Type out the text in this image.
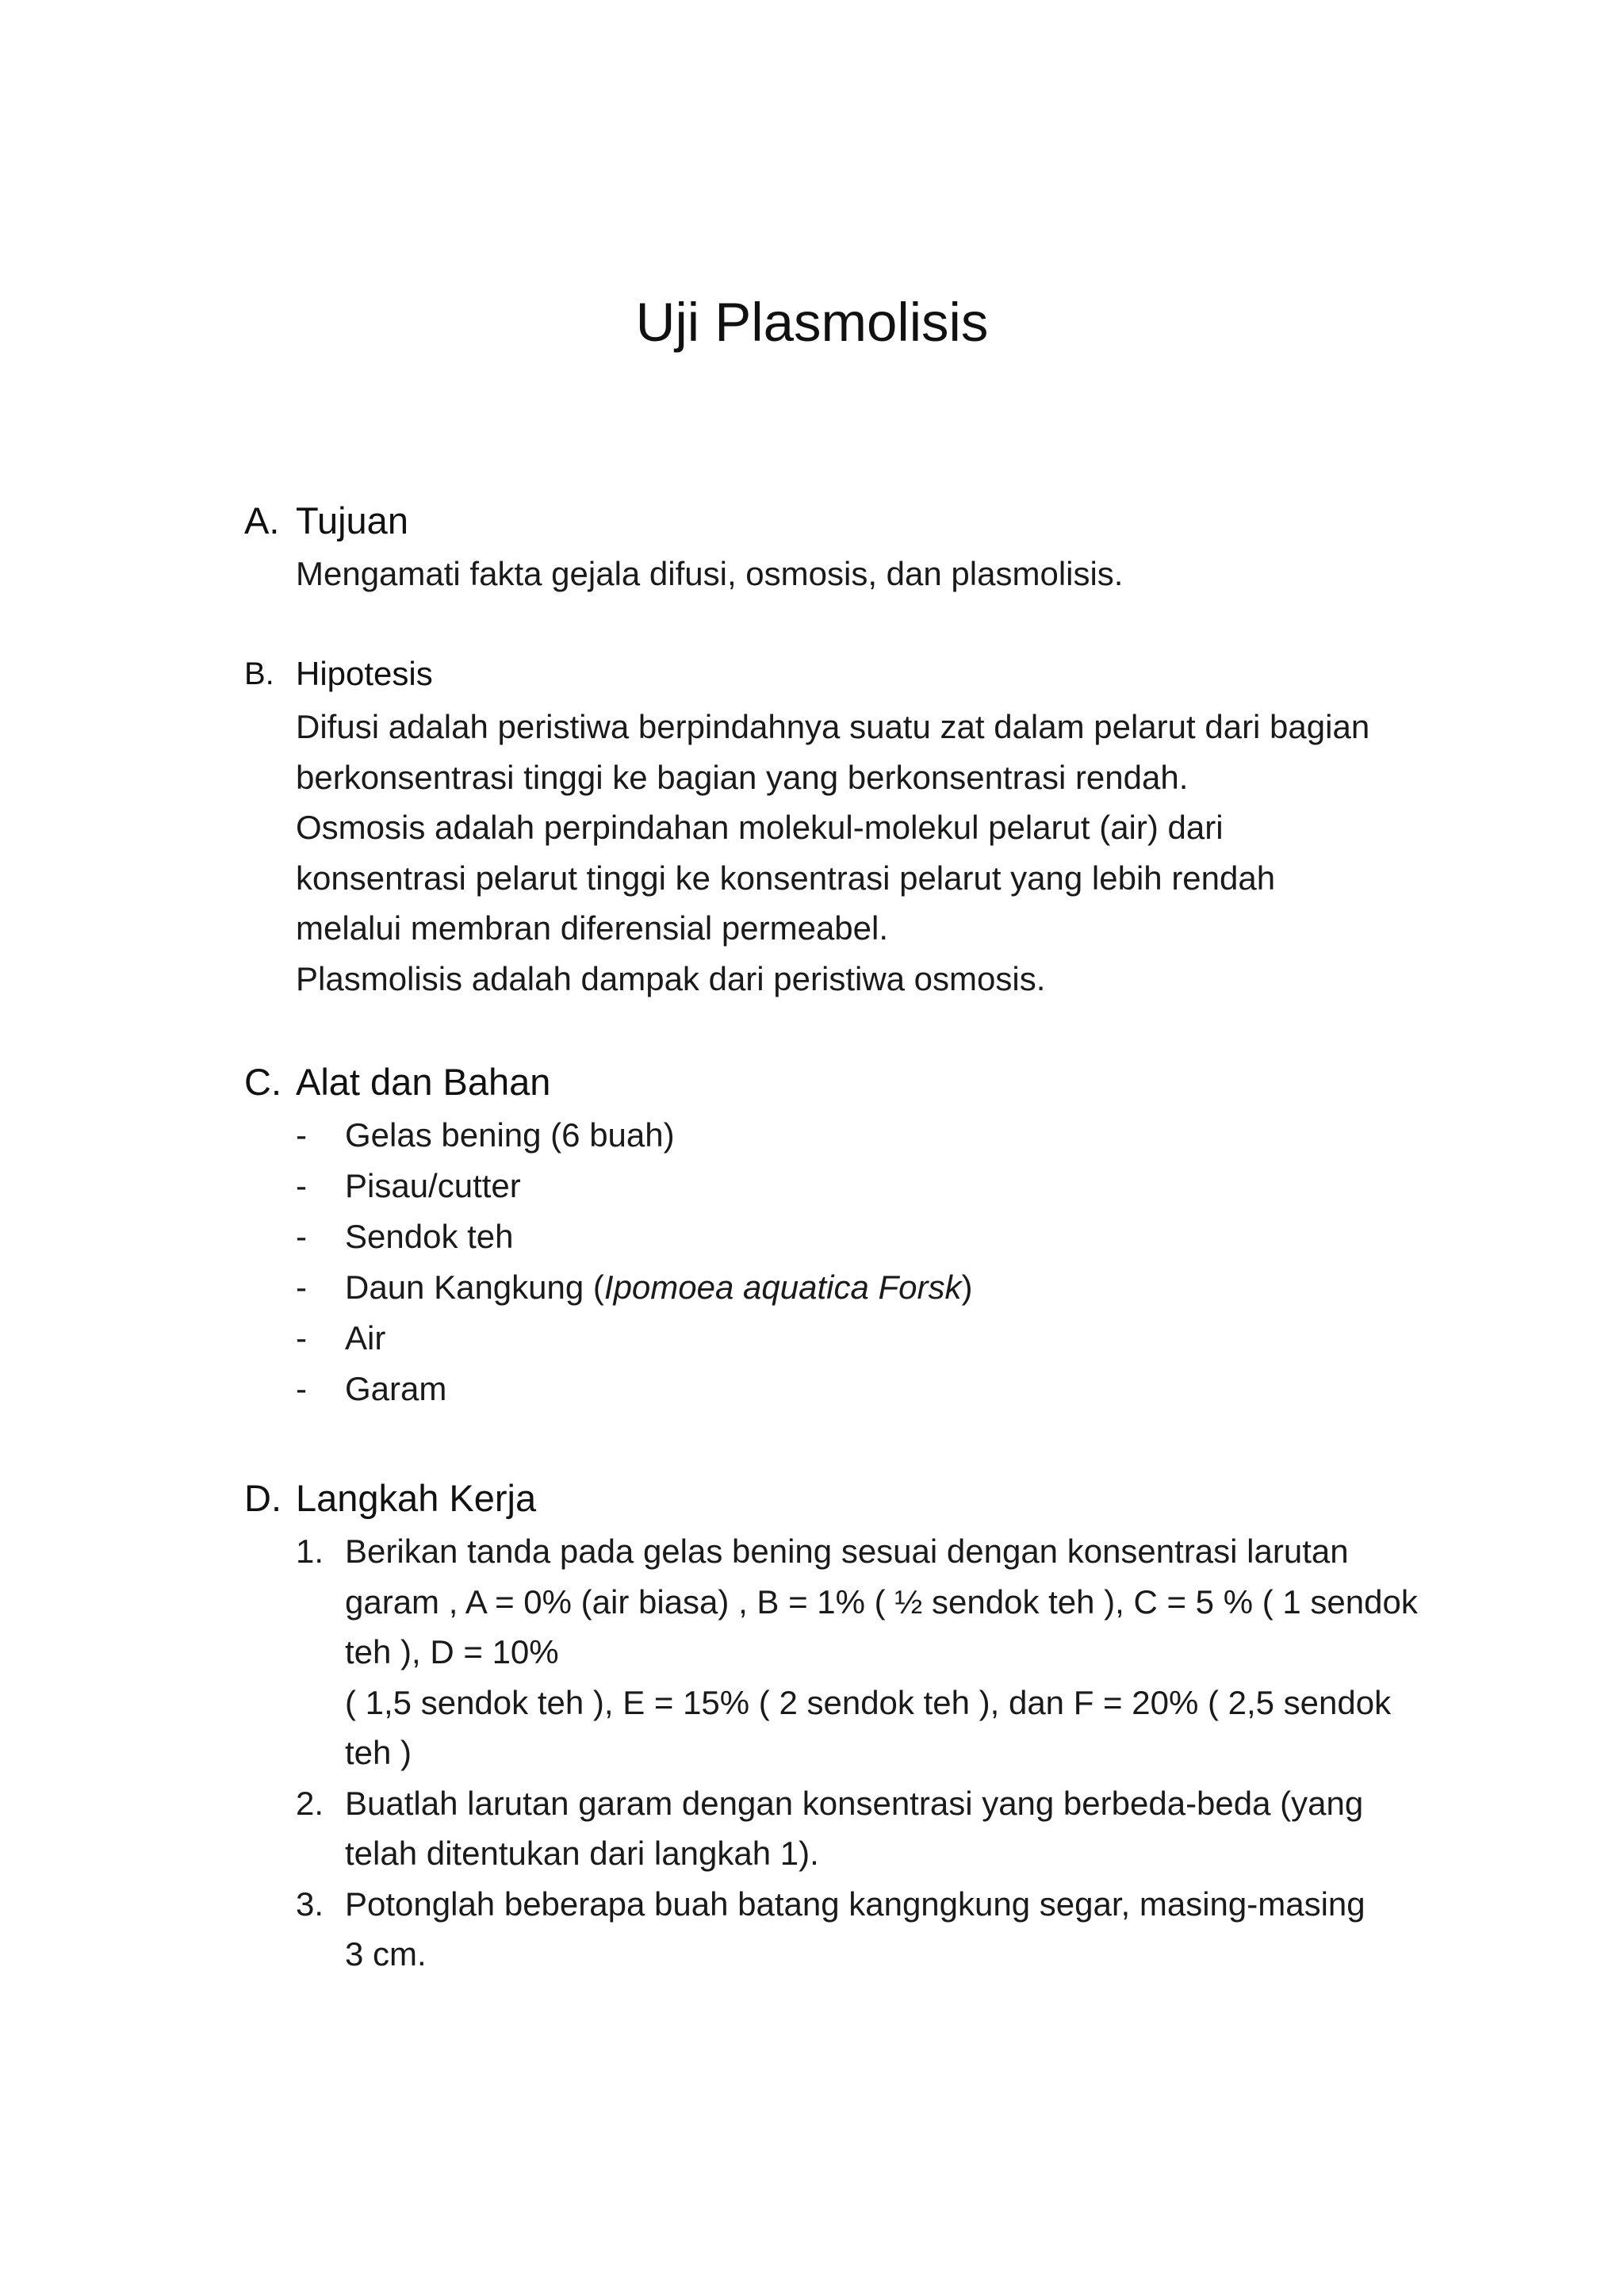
Uji Plasmolisis
A. Tujuan

Mengamati fakta gejala difusi, osmosis, dan plasmolisis.

B. Hipotesis

Difusi adalah peristiwa berpindahnya suatu zat dalam pelarut dari bagian

berkonsentrasi tinggi ke bagian yang berkonsentrasi rendah.

Osmosis adalah perpindahan molekul-molekul pelarut (air) dari

konsentrasi pelarut tinggi ke konsentrasi pelarut yang lebih rendah

melalui membran diferensial permeabel.

Plasmolisis adalah dampak dari peristiwa osmosis.

C. Alat dan Bahan
- Gelas bening (6 buah)
- Pisau/cutter
- Sendok teh
- Daun Kangkung (Ipomoea aquatica Forsk)
- Air
- Garam
D. Langkah Kerja
1. Berikan tanda pada gelas bening sesuai dengan konsentrasi larutan
garam , A = 0% (air biasa) , B = 1% ( ½ sendok teh ), C = 5 % ( 1 sendok
teh ), D = 10%
( 1,5 sendok teh ), E = 15% ( 2 sendok teh ), dan F = 20% ( 2,5 sendok
teh )
2. Buatlah larutan garam dengan konsentrasi yang berbeda-beda (yang
telah ditentukan dari langkah 1).
3. Potonglah beberapa buah batang kangngkung segar, masing-masing
3 cm.
